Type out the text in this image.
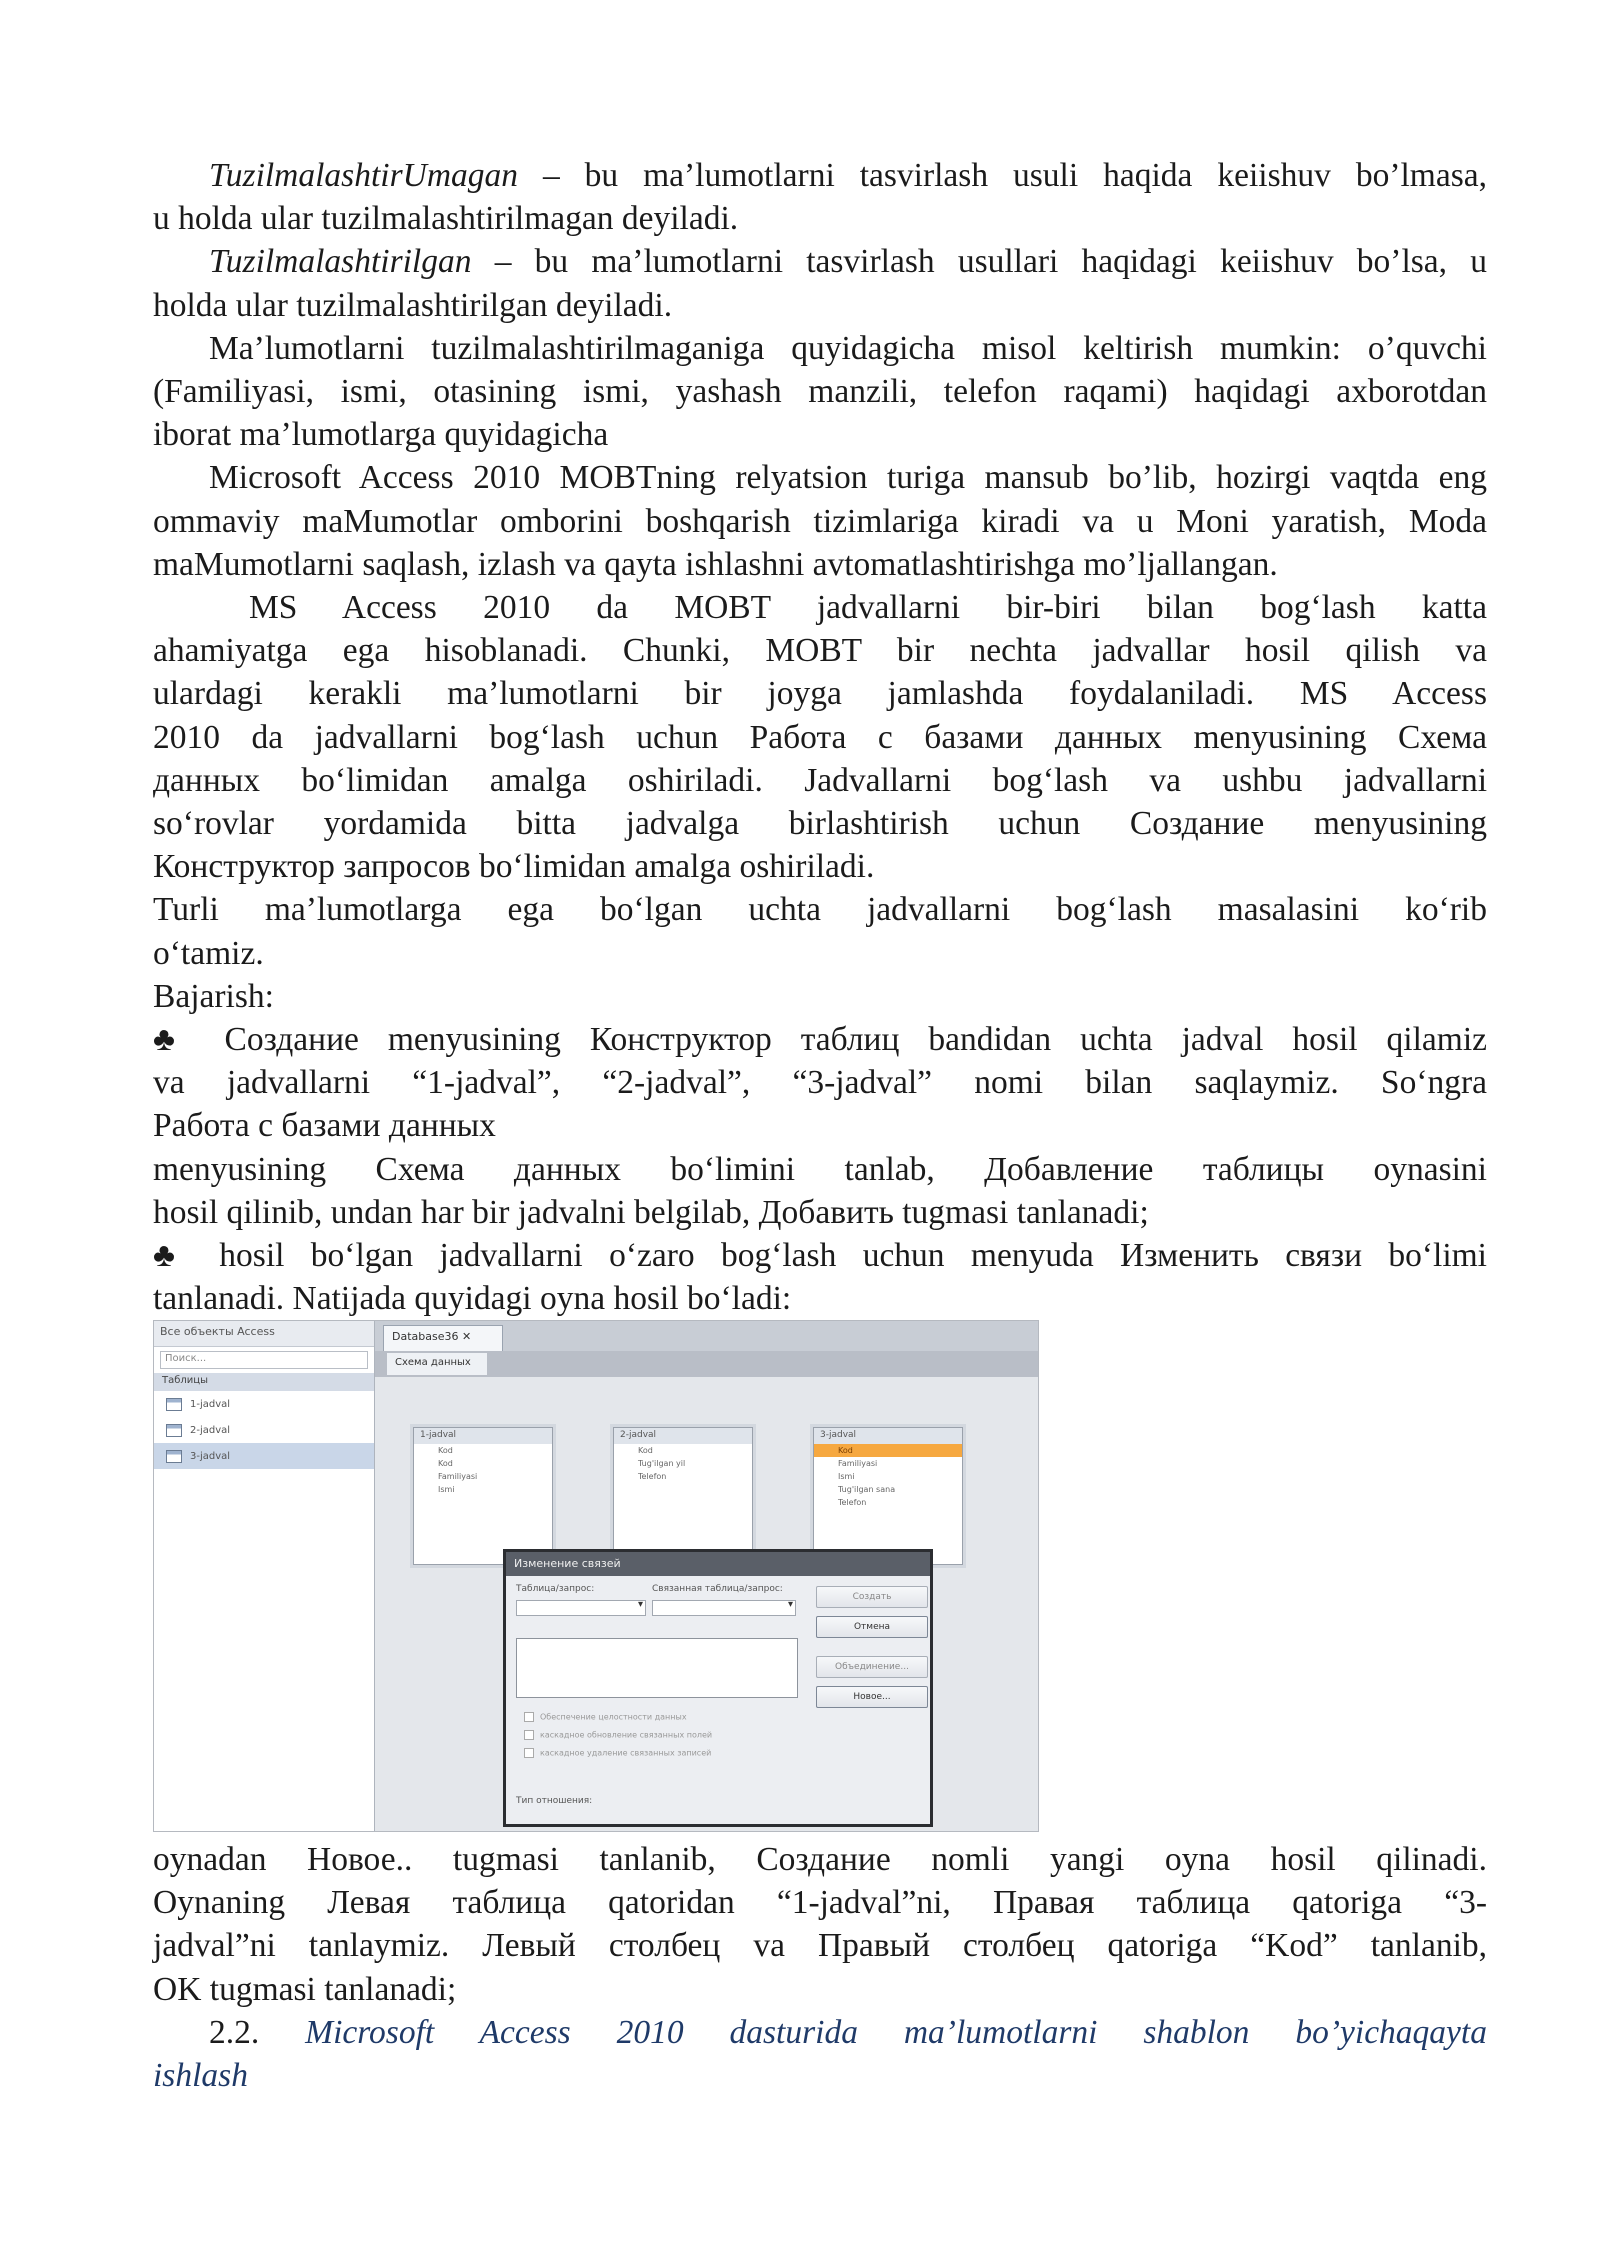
TuzilmalashtirUmagan – bu ma’lumotlarni tasvirlash usuli haqida keiishuv bo’lmasa,
u holda ular tuzilmalashtirilmagan deyiladi.
Tuzilmalashtirilgan – bu ma’lumotlarni tasvirlash usullari haqidagi keiishuv bo’lsa, u
holda ular tuzilmalashtirilgan deyiladi.
Ma’lumotlarni tuzilmalashtirilmaganiga quyidagicha misol keltirish mumkin: o’quvchi
(Familiyasi, ismi, otasining ismi, yashash manzili, telefon raqami) haqidagi axborotdan
iborat ma’lumotlarga quyidagicha
Microsoft Access 2010 MOBTning relyatsion turiga mansub bo’lib, hozirgi vaqtda eng
ommaviy maMumotlar omborini boshqarish tizimlariga kiradi va u Moni yaratish, Moda
maMumotlarni saqlash, izlash va qayta ishlashni avtomatlashtirishga mo’ljallangan.
MS Access 2010 da MOBT jadvallarni bir-biri bilan bog‘lash katta
ahamiyatga ega hisoblanadi. Chunki, MOBT bir nechta jadvallar hosil qilish va
ulardagi kerakli ma’lumotlarni bir joyga jamlashda foydalaniladi. MS Access
2010 da jadvallarni bog‘lash uchun Работа с базами данных menyusining Схема
данных bo‘limidan amalga oshiriladi. Jadvallarni bog‘lash va ushbu jadvallarni
so‘rovlar yordamida bitta jadvalga birlashtirish uchun Создание menyusining
Конструктор запросов bo‘limidan amalga oshiriladi.
Turli ma’lumotlarga ega bo‘lgan uchta jadvallarni bog‘lash masalasini ko‘rib
o‘tamiz.
Bajarish:
♣ Создание menyusining Конструктор таблиц bandidan uchta jadval hosil qilamiz
va jadvallarni “1-jadval”, “2-jadval”, “3-jadval” nomi bilan saqlaymiz. So‘ngra
Работа с базами данных
menyusining Схема данных bo‘limini tanlab, Добавление таблицы oynasini
hosil qilinib, undan har bir jadvalni belgilab, Добавить tugmasi tanlanadi;
♣ hosil bo‘lgan jadvallarni o‘zaro bog‘lash uchun menyuda Изменить связи bo‘limi
tanlanadi. Natijada quyidagi oyna hosil bo‘ladi:
Все объекты Access
Поиск...
Таблицы
1-jadval
2-jadval
3-jadval
Database36 ✕
Схема данных
1-jadval
Kod
Kod
Familiyasi
Ismi
2-jadval
Kod
Tug'ilgan yil
Telefon
3-jadval
Kod
Familiyasi
Ismi
Tug'ilgan sana
Telefon
Изменение связей
Таблица/запрос:	Связанная таблица/запрос:
▾
▾
Создать
Отмена
Объединение...
Новое...
Обеспечение целостности данных
каскадное обновление связанных полей
каскадное удаление связанных записей
Тип отношения:
oynadan Новое.. tugmasi tanlanib, Создание nomli yangi oyna hosil qilinadi.
Oynaning Левая таблица qatoridan “1-jadval”ni, Правая таблица qatoriga “3-
jadval”ni tanlaymiz. Левый столбец va Правый столбец qatoriga “Kod” tanlanib,
OK tugmasi tanlanadi;
2.2. Microsoft Access 2010 dasturida ma’lumotlarni shablon bo’yichaqayta
ishlash
